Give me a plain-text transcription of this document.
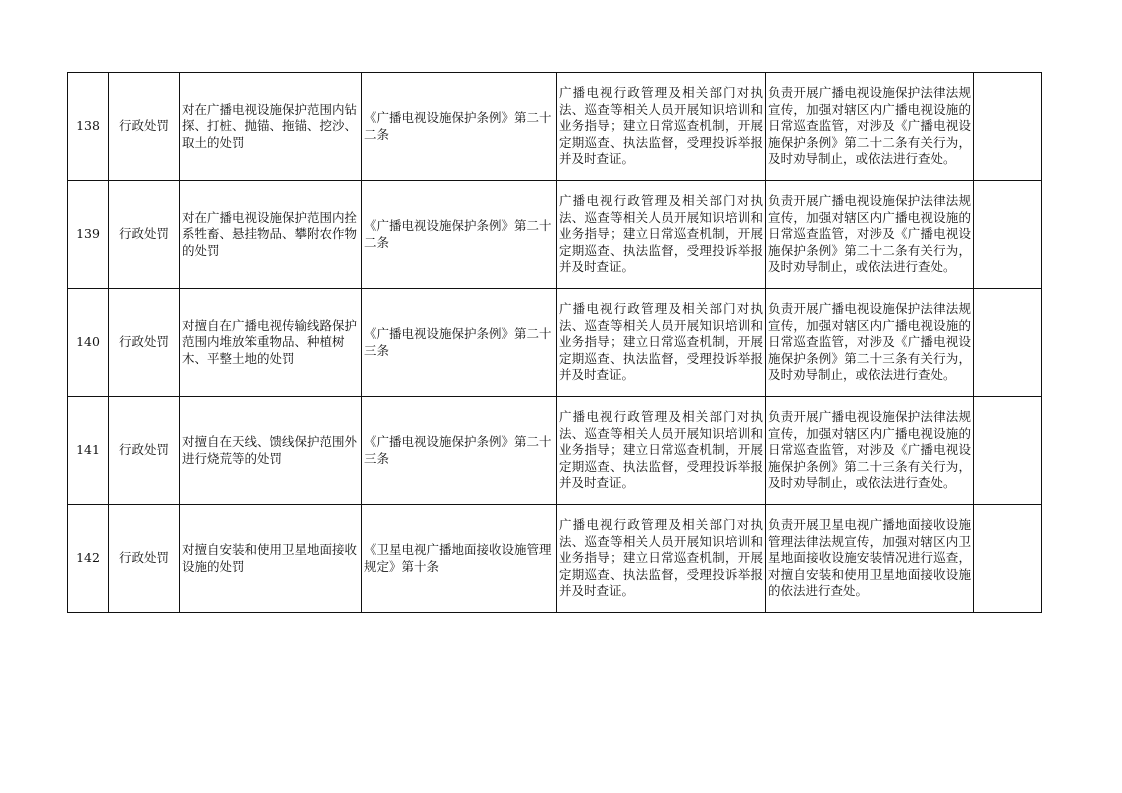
138	行政处罚	对在广播电视设施保护范围内钻探、打桩、抛锚、拖锚、挖沙、取土的处罚	《广播电视设施保护条例》第二十二条	广播电视行政管理及相关部门对执法、巡查等相关人员开展知识培训和业务指导；建立日常巡查机制，开展定期巡查、执法监督，受理投诉举报并及时查证。	负责开展广播电视设施保护法律法规宣传，加强对辖区内广播电视设施的日常巡查监管，对涉及《广播电视设施保护条例》第二十二条有关行为，及时劝导制止，或依法进行查处。	
139	行政处罚	对在广播电视设施保护范围内拴系牲畜、悬挂物品、攀附农作物的处罚	《广播电视设施保护条例》第二十二条	广播电视行政管理及相关部门对执法、巡查等相关人员开展知识培训和业务指导；建立日常巡查机制，开展定期巡查、执法监督，受理投诉举报并及时查证。	负责开展广播电视设施保护法律法规宣传，加强对辖区内广播电视设施的日常巡查监管，对涉及《广播电视设施保护条例》第二十二条有关行为，及时劝导制止，或依法进行查处。	
140	行政处罚	对擅自在广播电视传输线路保护范围内堆放笨重物品、种植树木、平整土地的处罚	《广播电视设施保护条例》第二十三条	广播电视行政管理及相关部门对执法、巡查等相关人员开展知识培训和业务指导；建立日常巡查机制，开展定期巡查、执法监督，受理投诉举报并及时查证。	负责开展广播电视设施保护法律法规宣传，加强对辖区内广播电视设施的日常巡查监管，对涉及《广播电视设施保护条例》第二十三条有关行为，及时劝导制止，或依法进行查处。	
141	行政处罚	对擅自在天线、馈线保护范围外进行烧荒等的处罚	《广播电视设施保护条例》第二十三条	广播电视行政管理及相关部门对执法、巡查等相关人员开展知识培训和业务指导；建立日常巡查机制，开展定期巡查、执法监督，受理投诉举报并及时查证。	负责开展广播电视设施保护法律法规宣传，加强对辖区内广播电视设施的日常巡查监管，对涉及《广播电视设施保护条例》第二十三条有关行为，及时劝导制止，或依法进行查处。	
142	行政处罚	对擅自安装和使用卫星地面接收设施的处罚	《卫星电视广播地面接收设施管理规定》第十条	广播电视行政管理及相关部门对执法、巡查等相关人员开展知识培训和业务指导；建立日常巡查机制，开展定期巡查、执法监督，受理投诉举报并及时查证。	负责开展卫星电视广播地面接收设施管理法律法规宣传，加强对辖区内卫星地面接收设施安装情况进行巡查，对擅自安装和使用卫星地面接收设施的依法进行查处。	
